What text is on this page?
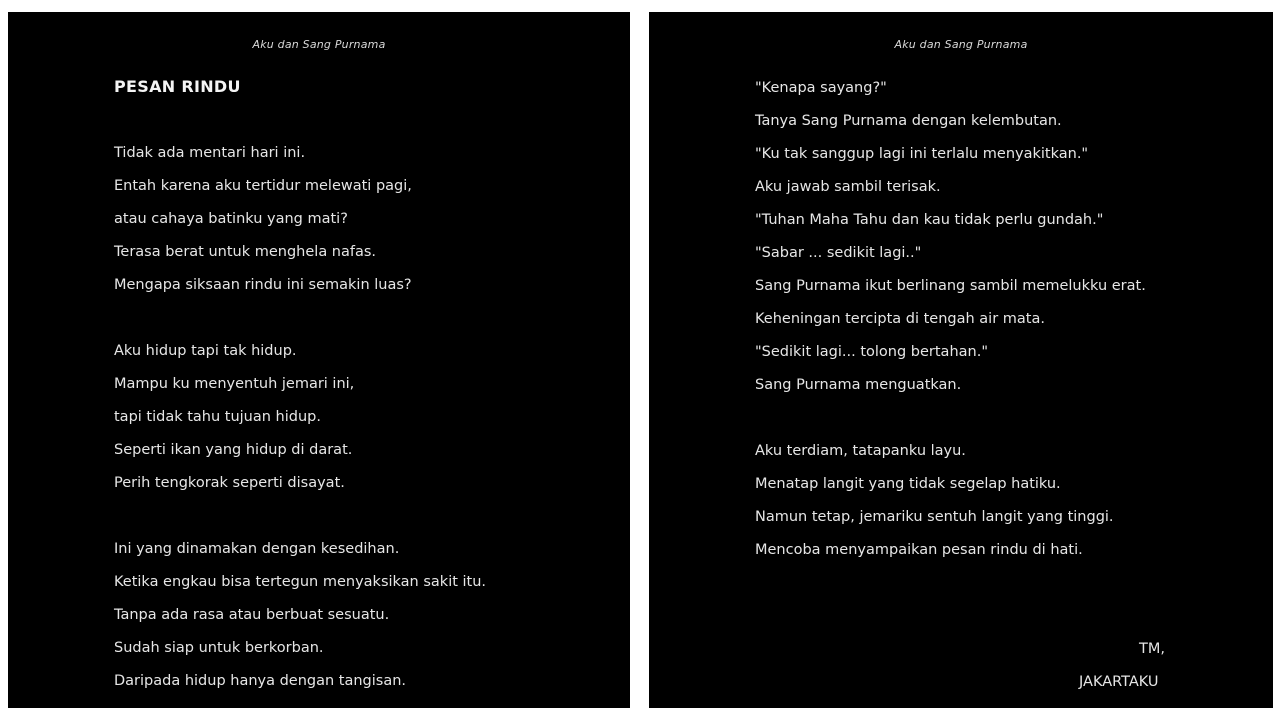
Aku dan Sang Purnama
PESAN RINDU
Tidak ada mentari hari ini.
Entah karena aku tertidur melewati pagi,
atau cahaya batinku yang mati?
Terasa berat untuk menghela nafas.
Mengapa siksaan rindu ini semakin luas?
Aku hidup tapi tak hidup.
Mampu ku menyentuh jemari ini,
tapi tidak tahu tujuan hidup.
Seperti ikan yang hidup di darat.
Perih tengkorak seperti disayat.
Ini yang dinamakan dengan kesedihan.
Ketika engkau bisa tertegun menyaksikan sakit itu.
Tanpa ada rasa atau berbuat sesuatu.
Sudah siap untuk berkorban.
Daripada hidup hanya dengan tangisan.
Aku dan Sang Purnama
"Kenapa sayang?"
Tanya Sang Purnama dengan kelembutan.
"Ku tak sanggup lagi ini terlalu menyakitkan."
Aku jawab sambil terisak.
"Tuhan Maha Tahu dan kau tidak perlu gundah."
"Sabar ... sedikit lagi.."
Sang Purnama ikut berlinang sambil memelukku erat.
Keheningan tercipta di tengah air mata.
"Sedikit lagi... tolong bertahan."
Sang Purnama menguatkan.
Aku terdiam, tatapanku layu.
Menatap langit yang tidak segelap hatiku.
Namun tetap, jemariku sentuh langit yang tinggi.
Mencoba menyampaikan pesan rindu di hati.
TM,
JAKARTAKU
